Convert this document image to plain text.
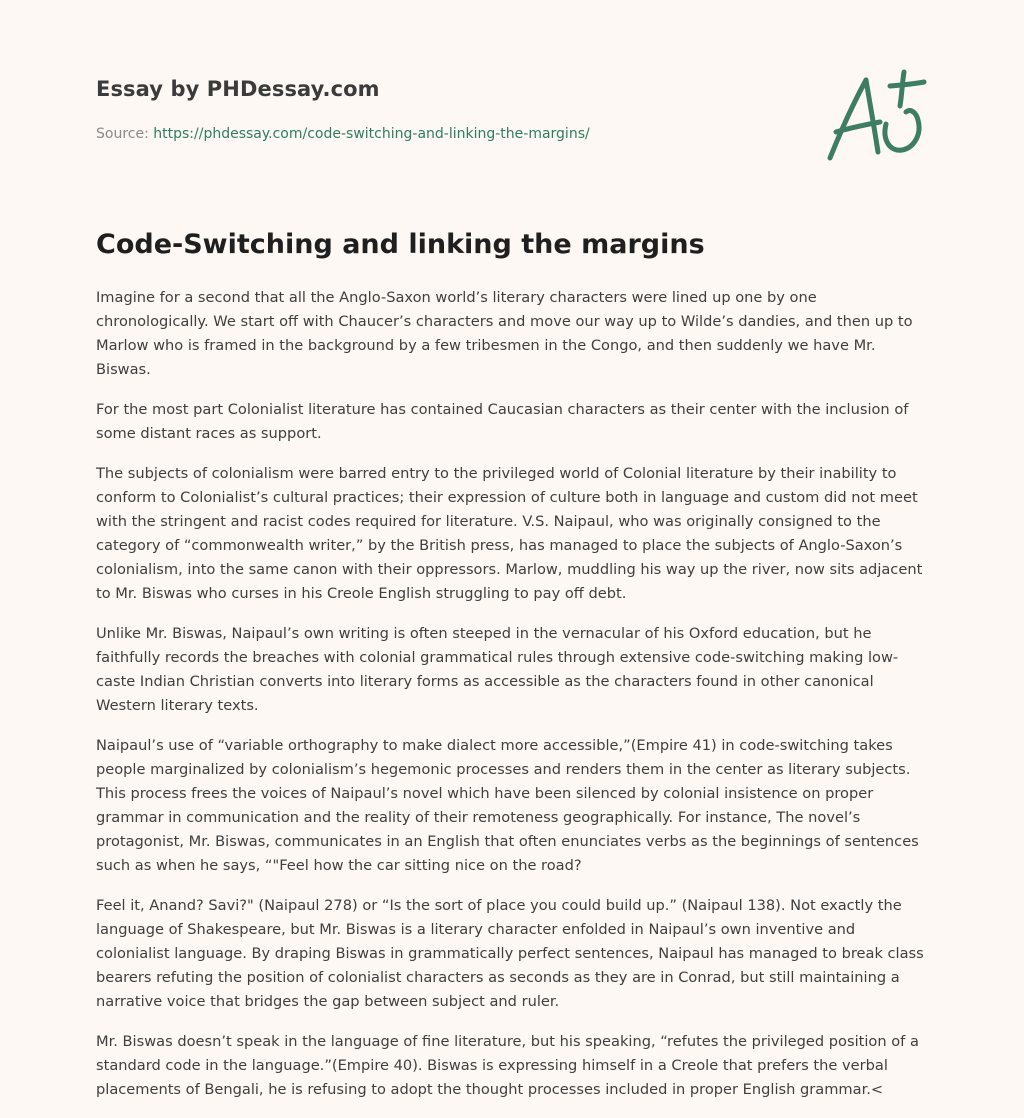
Essay by PHDessay.com
Source: https://phdessay.com/code-switching-and-linking-the-margins/
Code-Switching and linking the margins

Imagine for a second that all the Anglo-Saxon world’s literary characters were lined up one by one chronologically. We start off with Chaucer’s characters and move our way up to Wilde’s dandies, and then up to Marlow who is framed in the background by a few tribesmen in the Congo, and then suddenly we have Mr. Biswas.

For the most part Colonialist literature has contained Caucasian characters as their center with the inclusion of some distant races as support.

The subjects of colonialism were barred entry to the privileged world of Colonial literature by their inability to conform to Colonialist’s cultural practices; their expression of culture both in language and custom did not meet with the stringent and racist codes required for literature. V.S. Naipaul, who was originally consigned to the category of “commonwealth writer,” by the British press, has managed to place the subjects of Anglo-Saxon’s colonialism, into the same canon with their oppressors. Marlow, muddling his way up the river, now sits adjacent to Mr. Biswas who curses in his Creole English struggling to pay off debt.

Unlike Mr. Biswas, Naipaul’s own writing is often steeped in the vernacular of his Oxford education, but he faithfully records the breaches with colonial grammatical rules through extensive code-switching making low-caste Indian Christian converts into literary forms as accessible as the characters found in other canonical Western literary texts.

Naipaul’s use of “variable orthography to make dialect more accessible,”(Empire 41) in code-switching takes people marginalized by colonialism’s hegemonic processes and renders them in the center as literary subjects. This process frees the voices of Naipaul’s novel which have been silenced by colonial insistence on proper grammar in communication and the reality of their remoteness geographically. For instance, The novel’s protagonist, Mr. Biswas, communicates in an English that often enunciates verbs as the beginnings of sentences such as when he says, “"Feel how the car sitting nice on the road?

Feel it, Anand? Savi?" (Naipaul 278) or “Is the sort of place you could build up.” (Naipaul 138). Not exactly the language of Shakespeare, but Mr. Biswas is a literary character enfolded in Naipaul’s own inventive and colonialist language. By draping Biswas in grammatically perfect sentences, Naipaul has managed to break class bearers refuting the position of colonialist characters as seconds as they are in Conrad, but still maintaining a narrative voice that bridges the gap between subject and ruler.

Mr. Biswas doesn’t speak in the language of fine literature, but his speaking, “refutes the privileged position of a standard code in the language.”(Empire 40). Biswas is expressing himself in a Creole that prefers the verbal placements of Bengali, he is refusing to adopt the thought processes included in proper English grammar.<
